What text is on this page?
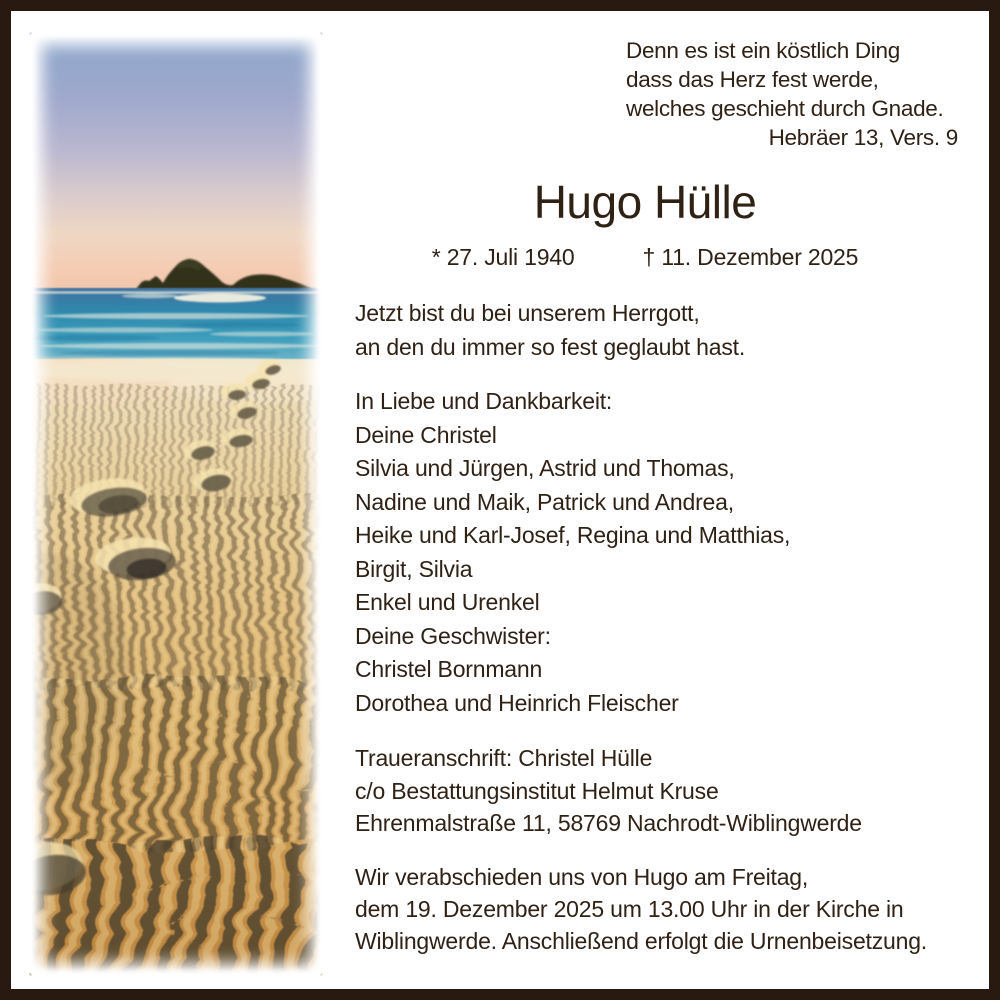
Denn es ist ein köstlich Ding
dass das Herz fest werde,
welches geschieht durch Gnade.
Hebräer 13, Vers. 9
Hugo Hülle
* 27. Juli 1940	† 11. Dezember 2025
Jetzt bist du bei unserem Herrgott,
an den du immer so fest geglaubt hast.
In Liebe und Dankbarkeit:
Deine Christel
Silvia und Jürgen, Astrid und Thomas,
Nadine und Maik, Patrick und Andrea,
Heike und Karl-Josef, Regina und Matthias,
Birgit, Silvia
Enkel und Urenkel
Deine Geschwister:
Christel Bornmann
Dorothea und Heinrich Fleischer
Traueranschrift: Christel Hülle
c/o Bestattungsinstitut Helmut Kruse
Ehrenmalstraße 11, 58769 Nachrodt-Wiblingwerde
Wir verabschieden uns von Hugo am Freitag,
dem 19. Dezember 2025 um 13.00 Uhr in der Kirche in
Wiblingwerde. Anschließend erfolgt die Urnenbeisetzung.
